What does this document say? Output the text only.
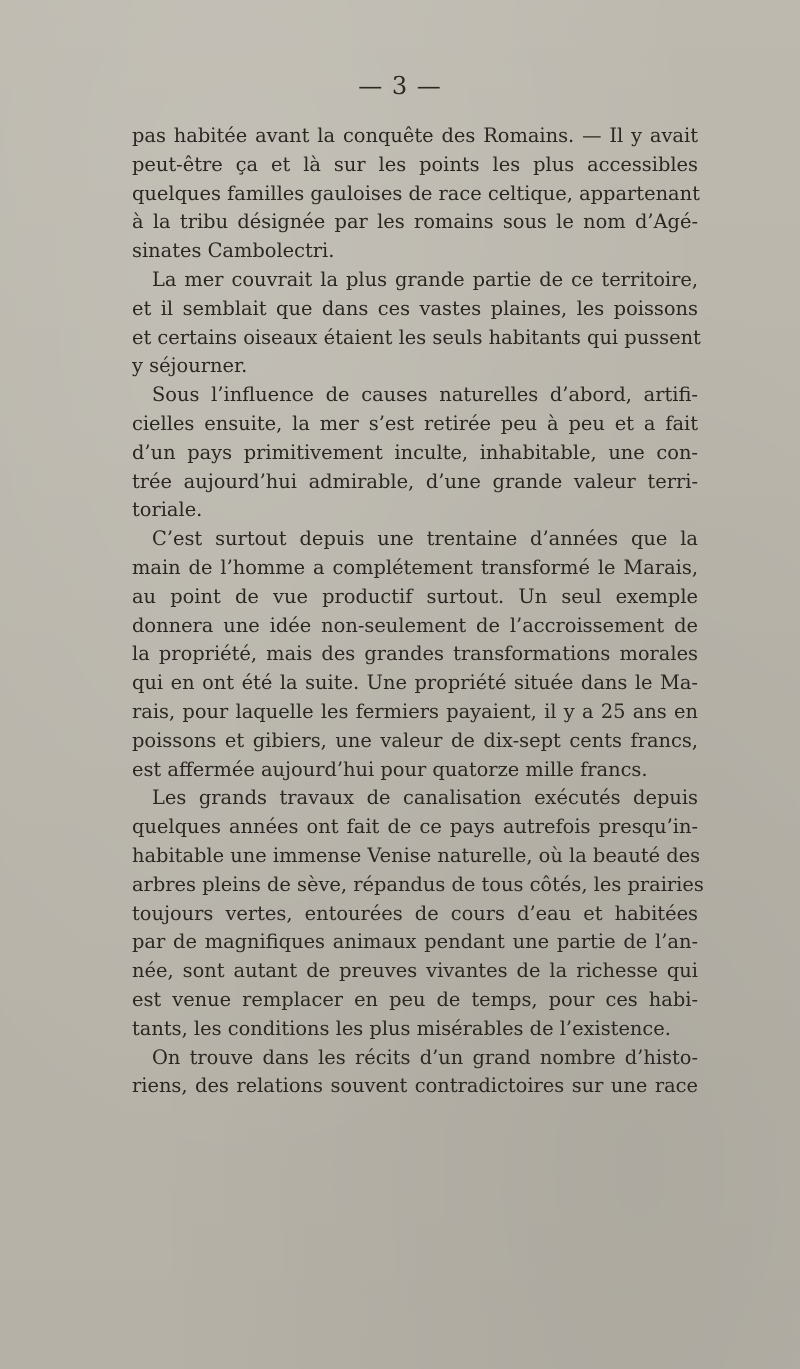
— 3 —
pas habitée avant la conquête des Romains. — Il y avait
peut-être ça et là sur les points les plus accessibles
quelques familles gauloises de race celtique, appartenant
à la tribu désignée par les romains sous le nom d’Agé-
sinates Cambolectri.
La mer couvrait la plus grande partie de ce territoire,
et il semblait que dans ces vastes plaines, les poissons
et certains oiseaux étaient les seuls habitants qui pussent
y séjourner.
Sous l’influence de causes naturelles d’abord, artifi-
cielles ensuite, la mer s’est retirée peu à peu et a fait
d’un pays primitivement inculte, inhabitable, une con-
trée aujourd’hui admirable, d’une grande valeur terri-
toriale.
C’est surtout depuis une trentaine d’années que la
main de l’homme a complétement transformé le Marais,
au point de vue productif surtout. Un seul exemple
donnera une idée non-seulement de l’accroissement de
la propriété, mais des grandes transformations morales
qui en ont été la suite. Une propriété située dans le Ma-
rais, pour laquelle les fermiers payaient, il y a 25 ans en
poissons et gibiers, une valeur de dix-sept cents francs,
est affermée aujourd’hui pour quatorze mille francs.
Les grands travaux de canalisation exécutés depuis
quelques années ont fait de ce pays autrefois presqu’in-
habitable une immense Venise naturelle, où la beauté des
arbres pleins de sève, répandus de tous côtés, les prairies
toujours vertes, entourées de cours d’eau et habitées
par de magnifiques animaux pendant une partie de l’an-
née, sont autant de preuves vivantes de la richesse qui
est venue remplacer en peu de temps, pour ces habi-
tants, les conditions les plus misérables de l’existence.
On trouve dans les récits d’un grand nombre d’histo-
riens, des relations souvent contradictoires sur une race
